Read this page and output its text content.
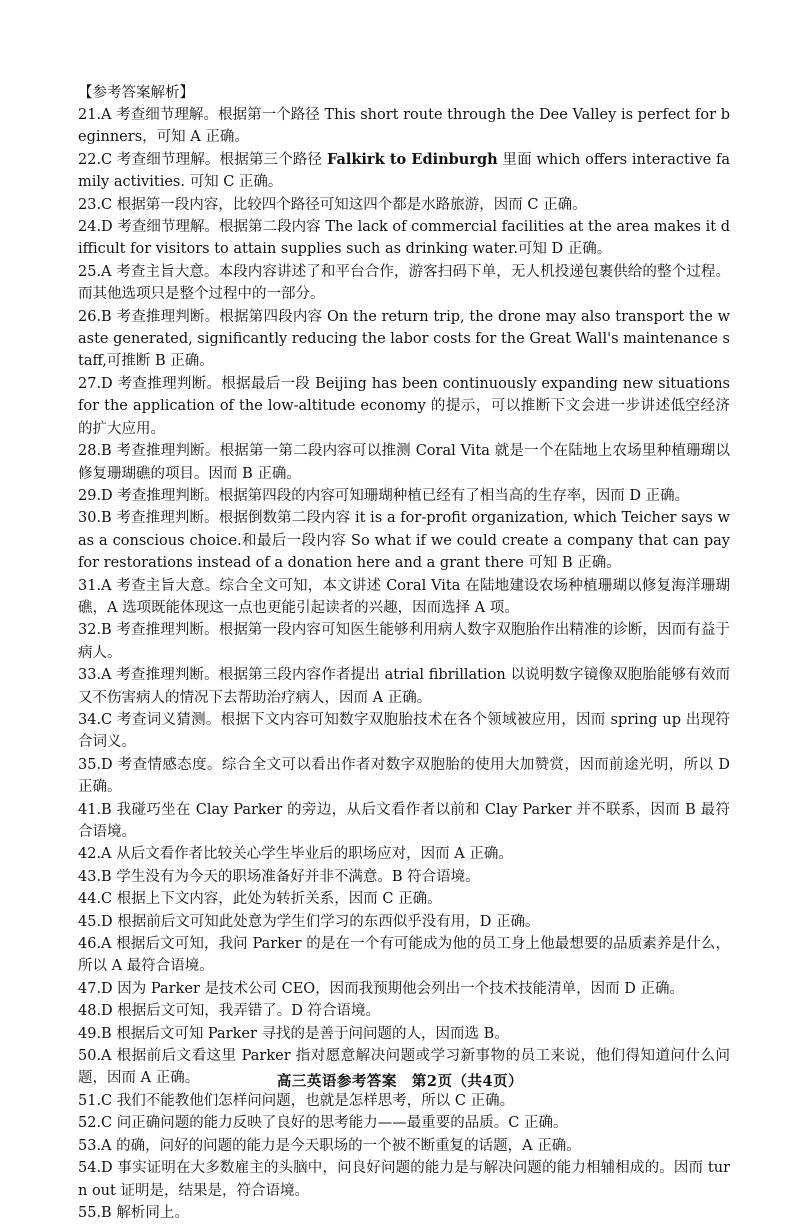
【参考答案解析】

21.A 考查细节理解。根据第一个路径 This short route through the Dee Valley is perfect for beginners，可知 A 正确。

22.C 考查细节理解。根据第三个路径 Falkirk to Edinburgh 里面 which offers interactive family activities. 可知 C 正确。

23.C 根据第一段内容，比较四个路径可知这四个都是水路旅游，因而 C 正确。

24.D 考查细节理解。根据第二段内容 The lack of commercial facilities at the area makes it difficult for visitors to attain supplies such as drinking water.可知 D 正确。

25.A 考查主旨大意。本段内容讲述了和平台合作，游客扫码下单，无人机投递包裹供给的整个过程。而其他选项只是整个过程中的一部分。

26.B 考查推理判断。根据第四段内容 On the return trip, the drone may also transport the waste generated, significantly reducing the labor costs for the Great Wall's maintenance staff,可推断 B 正确。

27.D 考查推理判断。根据最后一段 Beijing has been continuously expanding new situations for the application of the low-altitude economy 的提示，可以推断下文会进一步讲述低空经济的扩大应用。

28.B 考查推理判断。根据第一第二段内容可以推测 Coral Vita 就是一个在陆地上农场里种植珊瑚以修复珊瑚礁的项目。因而 B 正确。

29.D 考查推理判断。根据第四段的内容可知珊瑚种植已经有了相当高的生存率，因而 D 正确。

30.B 考查推理判断。根据倒数第二段内容 it is a for-profit organization, which Teicher says was a conscious choice.和最后一段内容 So what if we could create a company that can pay for restorations instead of a donation here and a grant there 可知 B 正确。

31.A 考查主旨大意。综合全文可知，本文讲述 Coral Vita 在陆地建设农场种植珊瑚以修复海洋珊瑚礁，A 选项既能体现这一点也更能引起读者的兴趣，因而选择 A 项。

32.B 考查推理判断。根据第一段内容可知医生能够利用病人数字双胞胎作出精准的诊断，因而有益于病人。

33.A 考查推理判断。根据第三段内容作者提出 atrial fibrillation 以说明数字镜像双胞胎能够有效而又不伤害病人的情况下去帮助治疗病人，因而 A 正确。

34.C 考查词义猜测。根据下文内容可知数字双胞胎技术在各个领域被应用，因而 spring up 出现符合词义。

35.D 考查情感态度。综合全文可以看出作者对数字双胞胎的使用大加赞赏，因而前途光明，所以 D 正确。

41.B 我碰巧坐在 Clay Parker 的旁边，从后文看作者以前和 Clay Parker 并不联系，因而 B 最符合语境。

42.A 从后文看作者比较关心学生毕业后的职场应对，因而 A 正确。

43.B 学生没有为今天的职场准备好并非不满意。B 符合语境。

44.C 根据上下文内容，此处为转折关系，因而 C 正确。

45.D 根据前后文可知此处意为学生们学习的东西似乎没有用，D 正确。

46.A 根据后文可知，我问 Parker 的是在一个有可能成为他的员工身上他最想要的品质素养是什么，所以 A 最符合语境。

47.D 因为 Parker 是技术公司 CEO，因而我预期他会列出一个技术技能清单，因而 D 正确。

48.D 根据后文可知，我弄错了。D 符合语境。

49.B 根据后文可知 Parker 寻找的是善于问问题的人，因而选 B。

50.A 根据前后文看这里 Parker 指对愿意解决问题或学习新事物的员工来说，他们得知道问什么问题，因而 A 正确。

51.C 我们不能教他们怎样问问题，也就是怎样思考，所以 C 正确。

52.C 问正确问题的能力反映了良好的思考能力——最重要的品质。C 正确。

53.A 的确，问好的问题的能力是今天职场的一个被不断重复的话题，A 正确。

54.D 事实证明在大多数雇主的头脑中，问良好问题的能力是与解决问题的能力相辅相成的。因而 turn out 证明是，结果是，符合语境。

55.B 解析同上。

高三英语参考答案　第2页（共4页）
